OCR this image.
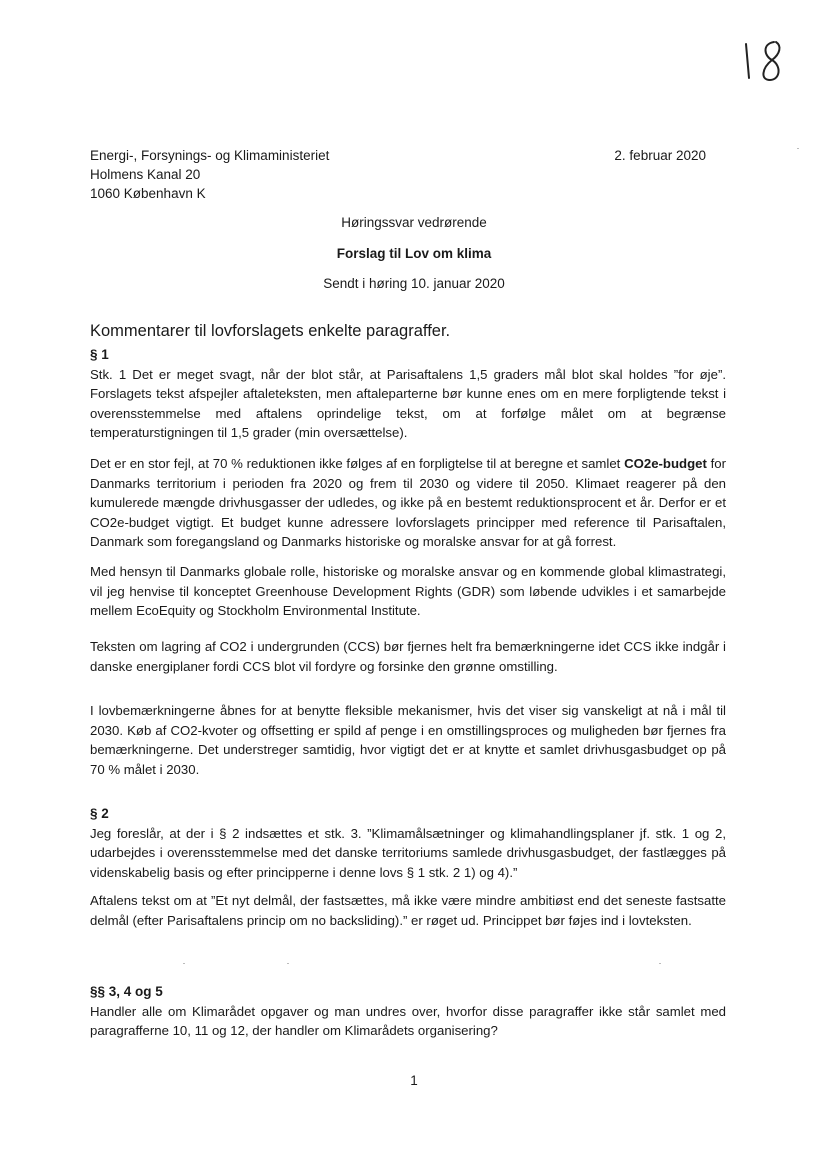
Energi-, Forsynings- og Klimaministeriet
Holmens Kanal 20
1060 København K
2. februar 2020
Høringssvar vedrørende
Forslag til Lov om klima
Sendt i høring 10. januar 2020
Kommentarer til lovforslagets enkelte paragraffer.
§ 1

Stk. 1 Det er meget svagt, når der blot står, at Parisaftalens 1,5 graders mål blot skal holdes ”for øje”. Forslagets tekst afspejler aftaleteksten, men aftaleparterne bør kunne enes om en mere forpligtende tekst i overensstemmelse med aftalens oprindelige tekst, om at forfølge målet om at begrænse temperaturstigningen til 1,5 grader (min oversættelse).

Det er en stor fejl, at 70 % reduktionen ikke følges af en forpligtelse til at beregne et samlet CO2e-budget for Danmarks territorium i perioden fra 2020 og frem til 2030 og videre til 2050. Klimaet reagerer på den kumulerede mængde drivhusgasser der udledes, og ikke på en bestemt reduktionsprocent et år. Derfor er et CO2e-budget vigtigt. Et budget kunne adressere lovforslagets principper med reference til Parisaftalen, Danmark som foregangsland og Danmarks historiske og moralske ansvar for at gå forrest.

Med hensyn til Danmarks globale rolle, historiske og moralske ansvar og en kommende global klimastrategi, vil jeg henvise til konceptet Greenhouse Development Rights (GDR) som løbende udvikles i et samarbejde mellem EcoEquity og Stockholm Environmental Institute.

Teksten om lagring af CO2 i undergrunden (CCS) bør fjernes helt fra bemærkningerne idet CCS ikke indgår i danske energiplaner fordi CCS blot vil fordyre og forsinke den grønne omstilling.

I lovbemærkningerne åbnes for at benytte fleksible mekanismer, hvis det viser sig vanskeligt at nå i mål til 2030. Køb af CO2-kvoter og offsetting er spild af penge i en omstillingsproces og muligheden bør fjernes fra bemærkningerne. Det understreger samtidig, hvor vigtigt det er at knytte et samlet drivhusgasbudget op på 70 % målet i 2030.

§ 2

Jeg foreslår, at der i § 2 indsættes et stk. 3. ”Klimamålsætninger og klimahandlingsplaner jf. stk. 1 og 2, udarbejdes i overensstemmelse med det danske territoriums samlede drivhusgasbudget, der fastlægges på videnskabelig basis og efter principperne i denne lovs § 1 stk. 2 1) og 4).”

Aftalens tekst om at ”Et nyt delmål, der fastsættes, må ikke være mindre ambitiøst end det seneste fastsatte delmål (efter Parisaftalens princip om no backsliding).” er røget ud. Princippet bør føjes ind i lovteksten.

§§ 3, 4 og 5

Handler alle om Klimarådet opgaver og man undres over, hvorfor disse paragraffer ikke står samlet med paragrafferne 10, 11 og 12, der handler om Klimarådets organisering?

1
